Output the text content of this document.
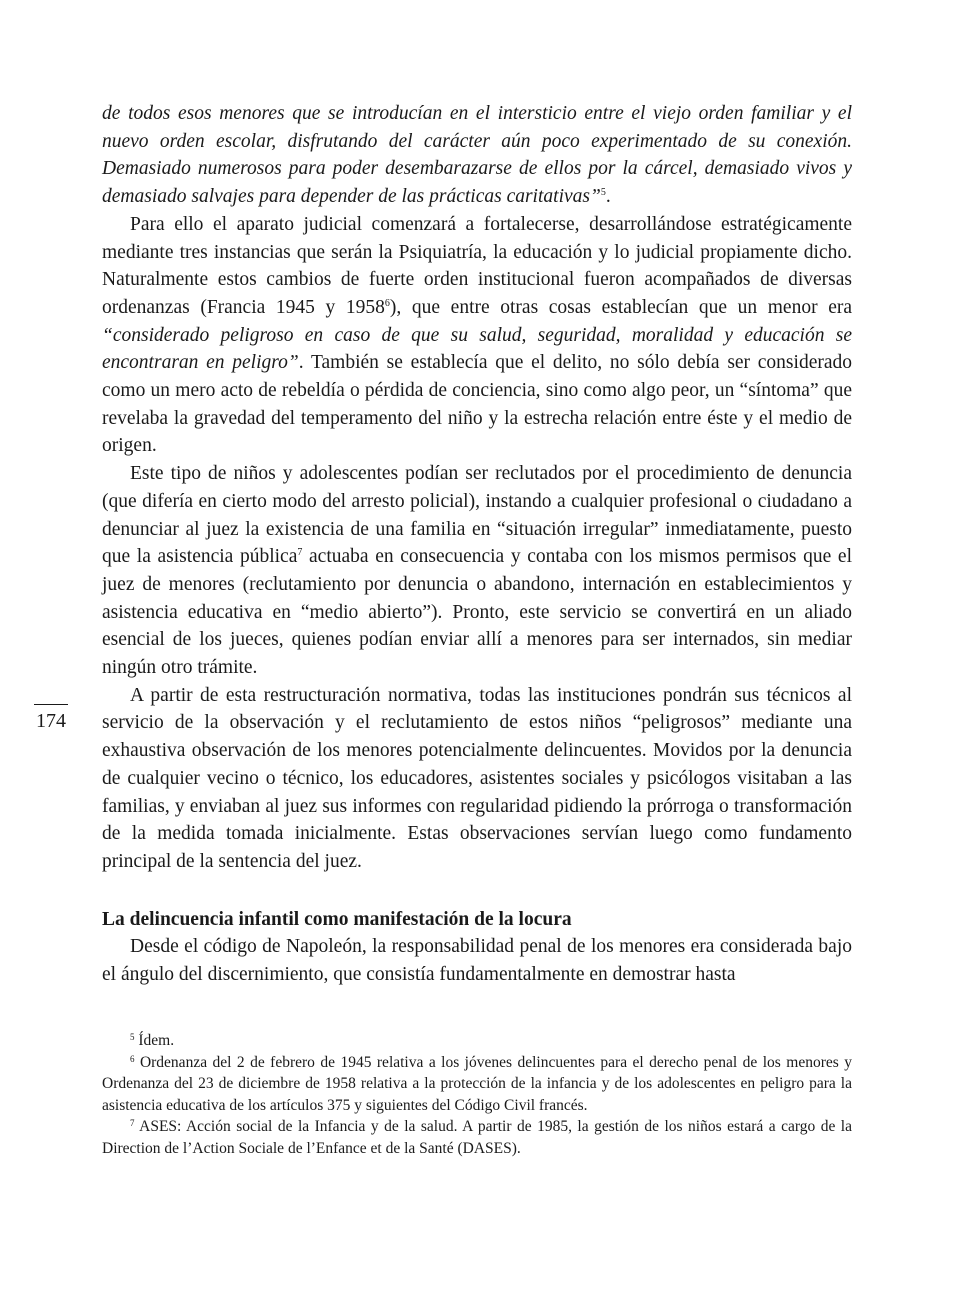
174

de todos esos menores que se introducían en el intersticio entre el viejo orden familiar y el nuevo orden escolar, disfrutando del carácter aún poco experimentado de su conexión. Demasiado numerosos para poder desembarazarse de ellos por la cárcel, demasiado vivos y demasiado salvajes para depender de las prácticas caritativas”$^5$.

Para ello el aparato judicial comenzará a fortalecerse, desarrollándose estratégicamente mediante tres instancias que serán la Psiquiatría, la educación y lo judicial propiamente dicho. Naturalmente estos cambios de fuerte orden institucional fueron acompañados de diversas ordenanzas (Francia 1945 y 1958$^6$), que entre otras cosas establecían que un menor era “considerado peligroso en caso de que su salud, seguridad, moralidad y educación se encontraran en peligro”. También se establecía que el delito, no sólo debía ser considerado como un mero acto de rebeldía o pérdida de conciencia, sino como algo peor, un “síntoma” que revelaba la gravedad del temperamento del niño y la estrecha relación entre éste y el medio de origen.

Este tipo de niños y adolescentes podían ser reclutados por el procedimiento de denuncia (que difería en cierto modo del arresto policial), instando a cualquier profesional o ciudadano a denunciar al juez la existencia de una familia en “situación irregular” inmediatamente, puesto que la asistencia pública$^7$ actuaba en consecuencia y contaba con los mismos permisos que el juez de menores (reclutamiento por denuncia o abandono, internación en establecimientos y asistencia educativa en “medio abierto”). Pronto, este servicio se convertirá en un aliado esencial de los jueces, quienes podían enviar allí a menores para ser internados, sin mediar ningún otro trámite.

A partir de esta restructuración normativa, todas las instituciones pondrán sus técnicos al servicio de la observación y el reclutamiento de estos niños “peligrosos” mediante una exhaustiva observación de los menores potencialmente delincuentes. Movidos por la denuncia de cualquier vecino o técnico, los educadores, asistentes sociales y psicólogos visitaban a las familias, y enviaban al juez sus informes con regularidad pidiendo la prórroga o transformación de la medida tomada inicialmente. Estas observaciones servían luego como fundamento principal de la sentencia del juez.

La delincuencia infantil como manifestación de la locura

Desde el código de Napoleón, la responsabilidad penal de los menores era considerada bajo el ángulo del discernimiento, que consistía fundamentalmente en demostrar hasta

$^5$ Ídem.

$^6$ Ordenanza del 2 de febrero de 1945 relativa a los jóvenes delincuentes para el derecho penal de los menores y Ordenanza del 23 de diciembre de 1958 relativa a la protección de la infancia y de los adolescentes en peligro para la asistencia educativa de los artículos 375 y siguientes del Código Civil francés.

$^7$ ASES: Acción social de la Infancia y de la salud. A partir de 1985, la gestión de los niños estará a cargo de la Direction de l’Action Sociale de l’Enfance et de la Santé (DASES).
